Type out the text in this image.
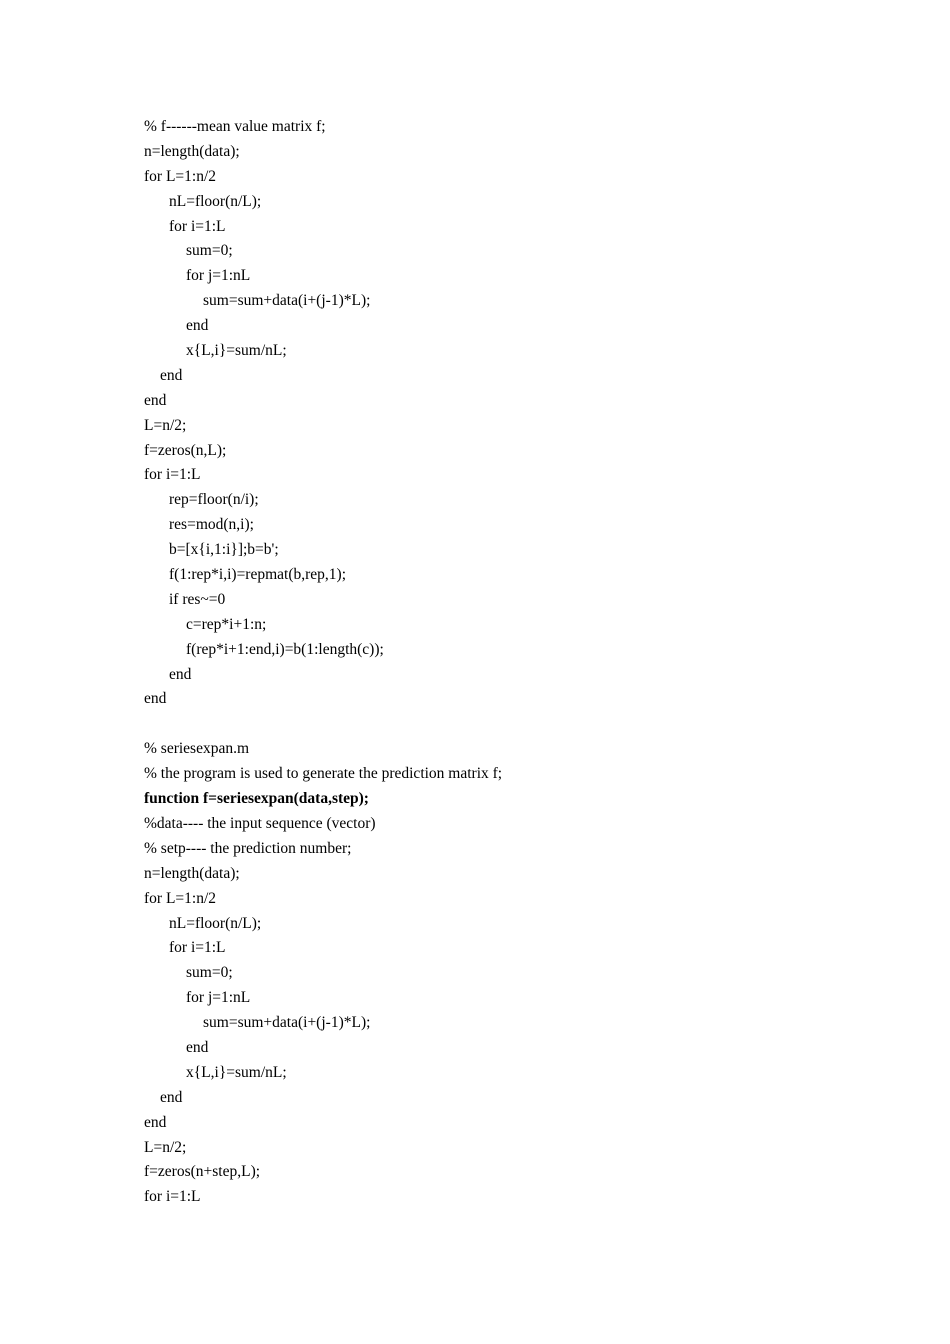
% f------mean value matrix f;
n=length(data);
for L=1:n/2
nL=floor(n/L);
for i=1:L
sum=0;
for j=1:nL
sum=sum+data(i+(j-1)*L);
end
x{L,i}=sum/nL;
end
end
L=n/2;
f=zeros(n,L);
for i=1:L
rep=floor(n/i);
res=mod(n,i);
b=[x{i,1:i}];b=b';
f(1:rep*i,i)=repmat(b,rep,1);
if res~=0
c=rep*i+1:n;
f(rep*i+1:end,i)=b(1:length(c));
end
end
% seriesexpan.m
% the program is used to generate the prediction matrix f;
function f=seriesexpan(data,step);
%data---- the input sequence (vector)
% setp---- the prediction number;
n=length(data);
for L=1:n/2
nL=floor(n/L);
for i=1:L
sum=0;
for j=1:nL
sum=sum+data(i+(j-1)*L);
end
x{L,i}=sum/nL;
end
end
L=n/2;
f=zeros(n+step,L);
for i=1:L
